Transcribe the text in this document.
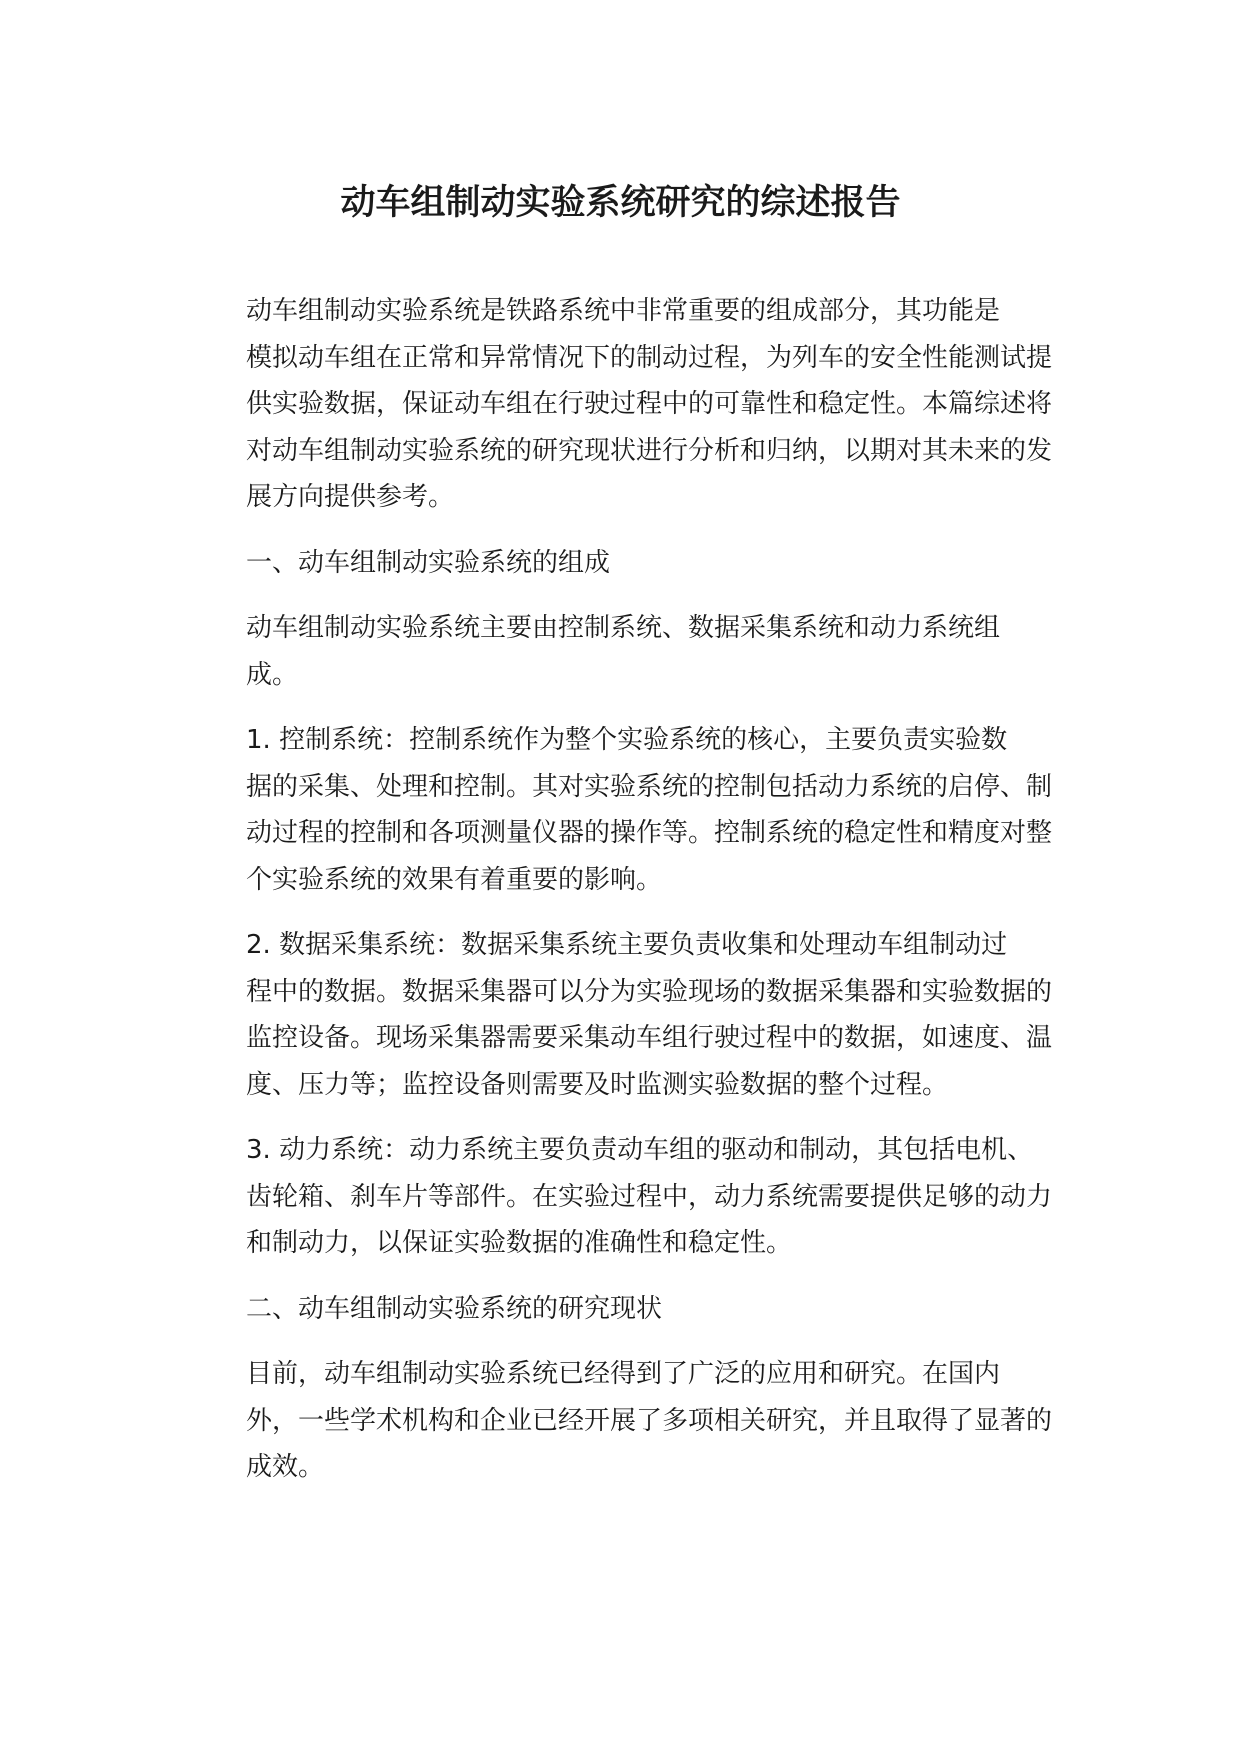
动车组制动实验系统研究的综述报告

动车组制动实验系统是铁路系统中非常重要的组成部分，其功能是
模拟动车组在正常和异常情况下的制动过程，为列车的安全性能测试提
供实验数据，保证动车组在行驶过程中的可靠性和稳定性。本篇综述将
对动车组制动实验系统的研究现状进行分析和归纳，以期对其未来的发
展方向提供参考。

一、动车组制动实验系统的组成

动车组制动实验系统主要由控制系统、数据采集系统和动力系统组
成。

1. 控制系统：控制系统作为整个实验系统的核心，主要负责实验数
据的采集、处理和控制。其对实验系统的控制包括动力系统的启停、制
动过程的控制和各项测量仪器的操作等。控制系统的稳定性和精度对整
个实验系统的效果有着重要的影响。

2. 数据采集系统：数据采集系统主要负责收集和处理动车组制动过
程中的数据。数据采集器可以分为实验现场的数据采集器和实验数据的
监控设备。现场采集器需要采集动车组行驶过程中的数据，如速度、温
度、压力等；监控设备则需要及时监测实验数据的整个过程。

3. 动力系统：动力系统主要负责动车组的驱动和制动，其包括电机、
齿轮箱、刹车片等部件。在实验过程中，动力系统需要提供足够的动力
和制动力，以保证实验数据的准确性和稳定性。

二、动车组制动实验系统的研究现状

目前，动车组制动实验系统已经得到了广泛的应用和研究。在国内
外，一些学术机构和企业已经开展了多项相关研究，并且取得了显著的
成效。
